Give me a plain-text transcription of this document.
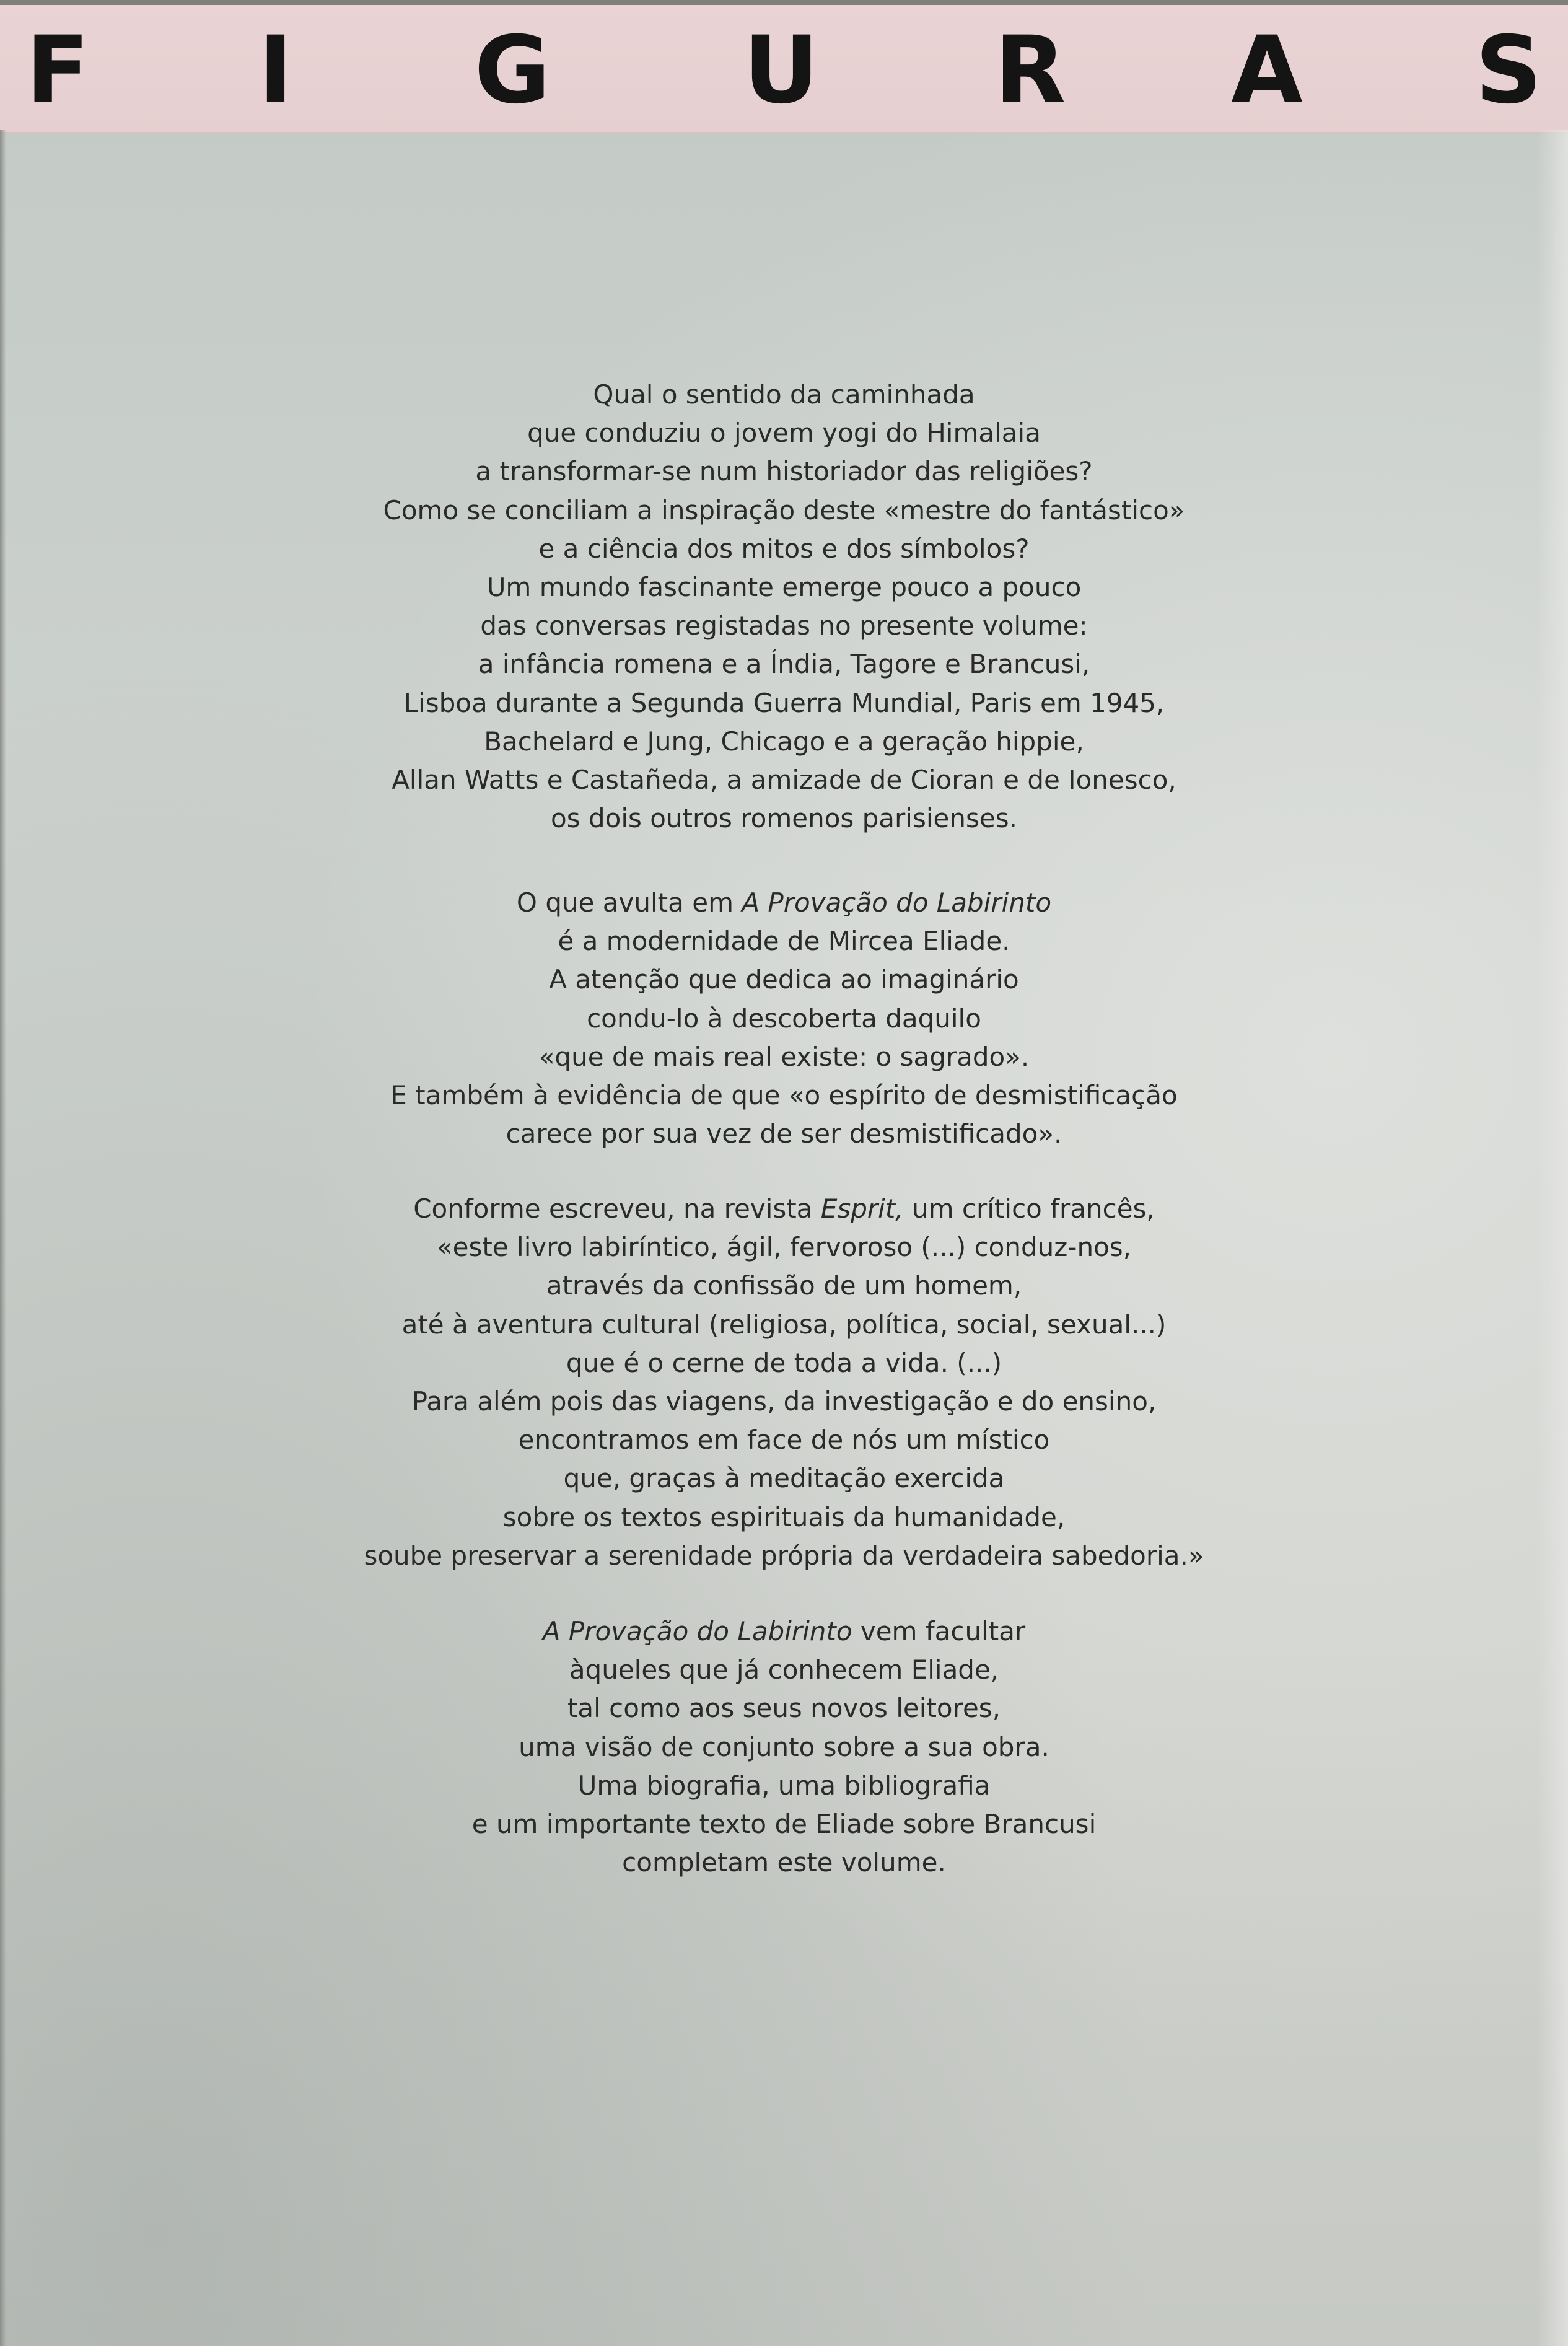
F I G U R A S
Qual o sentido da caminhada
que conduziu o jovem yogi do Himalaia
a transformar-se num historiador das religiões?
Como se conciliam a inspiração deste «mestre do fantástico»
e a ciência dos mitos e dos símbolos?
Um mundo fascinante emerge pouco a pouco
das conversas registadas no presente volume:
a infância romena e a Índia, Tagore e Brancusi,
Lisboa durante a Segunda Guerra Mundial, Paris em 1945,
Bachelard e Jung, Chicago e a geração hippie,
Allan Watts e Castañeda, a amizade de Cioran e de Ionesco,
os dois outros romenos parisienses.
O que avulta em A Provação do Labirinto
é a modernidade de Mircea Eliade.
A atenção que dedica ao imaginário
condu-lo à descoberta daquilo
«que de mais real existe: o sagrado».
E também à evidência de que «o espírito de desmistificação
carece por sua vez de ser desmistificado».
Conforme escreveu, na revista Esprit, um crítico francês,
«este livro labiríntico, ágil, fervoroso (...) conduz-nos,
através da confissão de um homem,
até à aventura cultural (religiosa, política, social, sexual...)
que é o cerne de toda a vida. (...)
Para além pois das viagens, da investigação e do ensino,
encontramos em face de nós um místico
que, graças à meditação exercida
sobre os textos espirituais da humanidade,
soube preservar a serenidade própria da verdadeira sabedoria.»
A Provação do Labirinto vem facultar
àqueles que já conhecem Eliade,
tal como aos seus novos leitores,
uma visão de conjunto sobre a sua obra.
Uma biografia, uma bibliografia
e um importante texto de Eliade sobre Brancusi
completam este volume.
